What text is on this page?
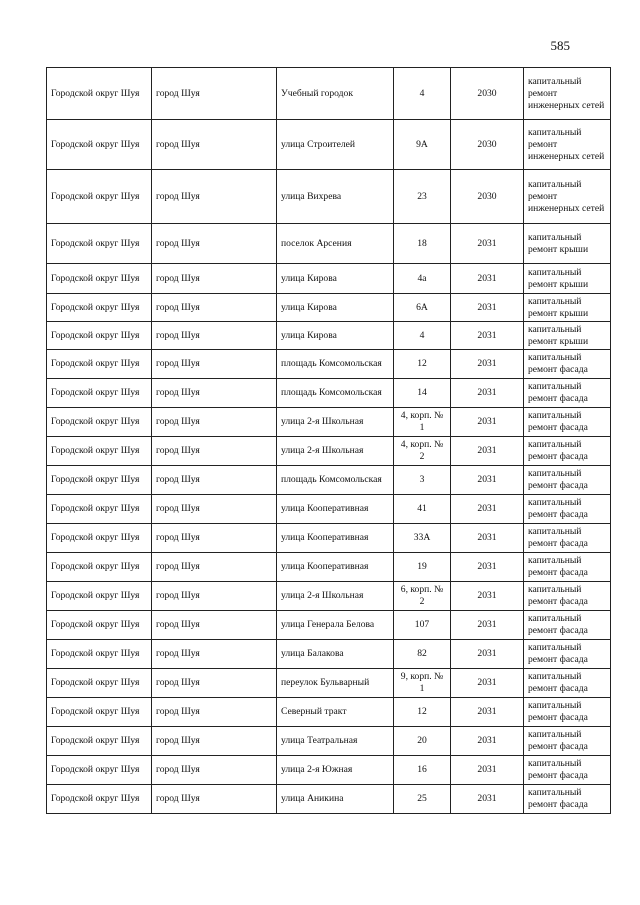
585
Городской округ Шуя	город Шуя	Учебный городок	4	2030	капитальный ремонт инженерных сетей
Городской округ Шуя	город Шуя	улица Строителей	9А	2030	капитальный ремонт инженерных сетей
Городской округ Шуя	город Шуя	улица Вихрева	23	2030	капитальный ремонт инженерных сетей
Городской округ Шуя	город Шуя	поселок Арсения	18	2031	капитальный ремонт крыши
Городской округ Шуя	город Шуя	улица Кирова	4а	2031	капитальный ремонт крыши
Городской округ Шуя	город Шуя	улица Кирова	6А	2031	капитальный ремонт крыши
Городской округ Шуя	город Шуя	улица Кирова	4	2031	капитальный ремонт крыши
Городской округ Шуя	город Шуя	площадь Комсомольская	12	2031	капитальный ремонт фасада
Городской округ Шуя	город Шуя	площадь Комсомольская	14	2031	капитальный ремонт фасада
Городской округ Шуя	город Шуя	улица 2-я Школьная	4, корп. № 1	2031	капитальный ремонт фасада
Городской округ Шуя	город Шуя	улица 2-я Школьная	4, корп. № 2	2031	капитальный ремонт фасада
Городской округ Шуя	город Шуя	площадь Комсомольская	3	2031	капитальный ремонт фасада
Городской округ Шуя	город Шуя	улица Кооперативная	41	2031	капитальный ремонт фасада
Городской округ Шуя	город Шуя	улица Кооперативная	33А	2031	капитальный ремонт фасада
Городской округ Шуя	город Шуя	улица Кооперативная	19	2031	капитальный ремонт фасада
Городской округ Шуя	город Шуя	улица 2-я Школьная	6, корп. № 2	2031	капитальный ремонт фасада
Городской округ Шуя	город Шуя	улица Генерала Белова	107	2031	капитальный ремонт фасада
Городской округ Шуя	город Шуя	улица Балакова	82	2031	капитальный ремонт фасада
Городской округ Шуя	город Шуя	переулок Бульварный	9, корп. № 1	2031	капитальный ремонт фасада
Городской округ Шуя	город Шуя	Северный тракт	12	2031	капитальный ремонт фасада
Городской округ Шуя	город Шуя	улица Театральная	20	2031	капитальный ремонт фасада
Городской округ Шуя	город Шуя	улица 2-я Южная	16	2031	капитальный ремонт фасада
Городской округ Шуя	город Шуя	улица Аникина	25	2031	капитальный ремонт фасада
